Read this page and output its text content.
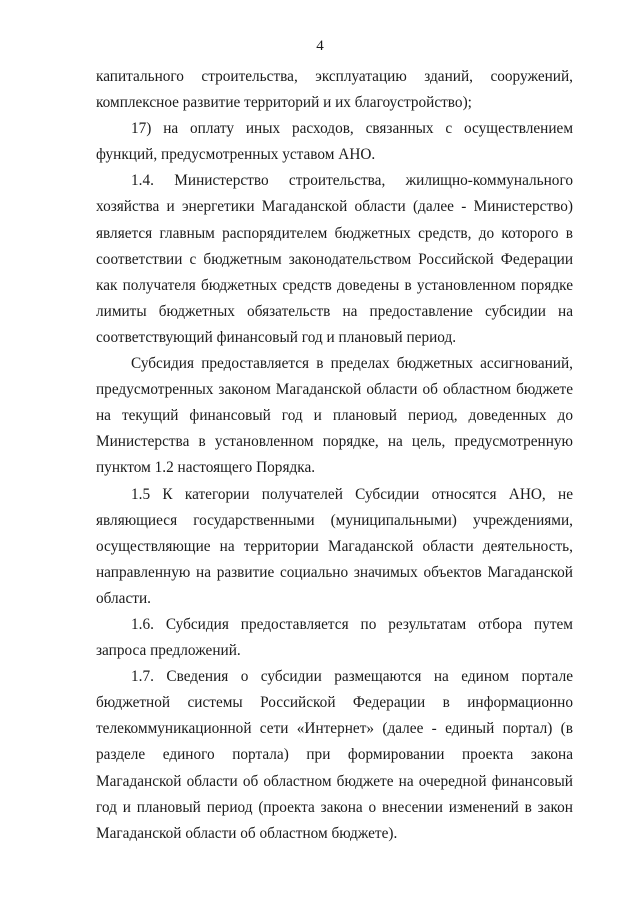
4

капитального строительства, эксплуатацию зданий, сооружений, комплексное развитие территорий и их благоустройство);

17) на оплату иных расходов, связанных с осуществлением функций, предусмотренных уставом АНО.

1.4. Министерство строительства, жилищно-коммунального хозяйства и энергетики Магаданской области (далее - Министерство) является главным распорядителем бюджетных средств, до которого в соответствии с бюджетным законодательством Российской Федерации как получателя бюджетных средств доведены в установленном порядке лимиты бюджетных обязательств на предоставление субсидии на соответствующий финансовый год и плановый период.

Субсидия предоставляется в пределах бюджетных ассигнований, предусмотренных законом Магаданской области об областном бюджете на текущий финансовый год и плановый период, доведенных до Министерства в установленном порядке, на цель, предусмотренную пунктом 1.2 настоящего Порядка.

1.5 К категории получателей Субсидии относятся АНО, не являющиеся государственными (муниципальными) учреждениями, осуществляющие на территории Магаданской области деятельность, направленную на развитие социально значимых объектов Магаданской области.

1.6. Субсидия предоставляется по результатам отбора путем запроса предложений.

1.7. Сведения о субсидии размещаются на едином портале бюджетной системы Российской Федерации в информационно телекоммуникационной сети «Интернет» (далее - единый портал) (в разделе единого портала) при формировании проекта закона Магаданской области об областном бюджете на очередной финансовый год и плановый период (проекта закона о внесении изменений в закон Магаданской области об областном бюджете).
